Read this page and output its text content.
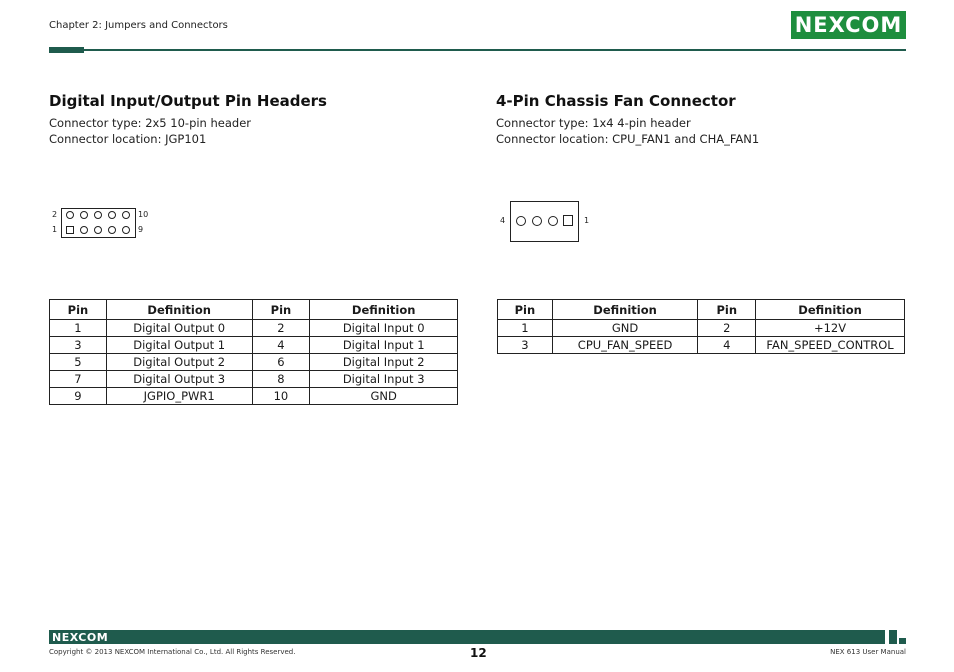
Chapter 2: Jumpers and Connectors	NEXCOM
Digital Input/Output Pin Headers
Connector type: 2x5 10-pin header
Connector location: JGP101
2
1
10
9
Pin	Definition	Pin	Definition
1	Digital Output 0	2	Digital Input 0
3	Digital Output 1	4	Digital Input 1
5	Digital Output 2	6	Digital Input 2
7	Digital Output 3	8	Digital Input 3
9	JGPIO_PWR1	10	GND
4-Pin Chassis Fan Connector
Connector type: 1x4 4-pin header
Connector location: CPU_FAN1 and CHA_FAN1
4	1
Pin	Definition	Pin	Definition
1	GND	2	+12V
3	CPU_FAN_SPEED	4	FAN_SPEED_CONTROL
NEXCOM
Copyright © 2013 NEXCOM International Co., Ltd. All Rights Reserved.	12	NEX 613 User Manual
